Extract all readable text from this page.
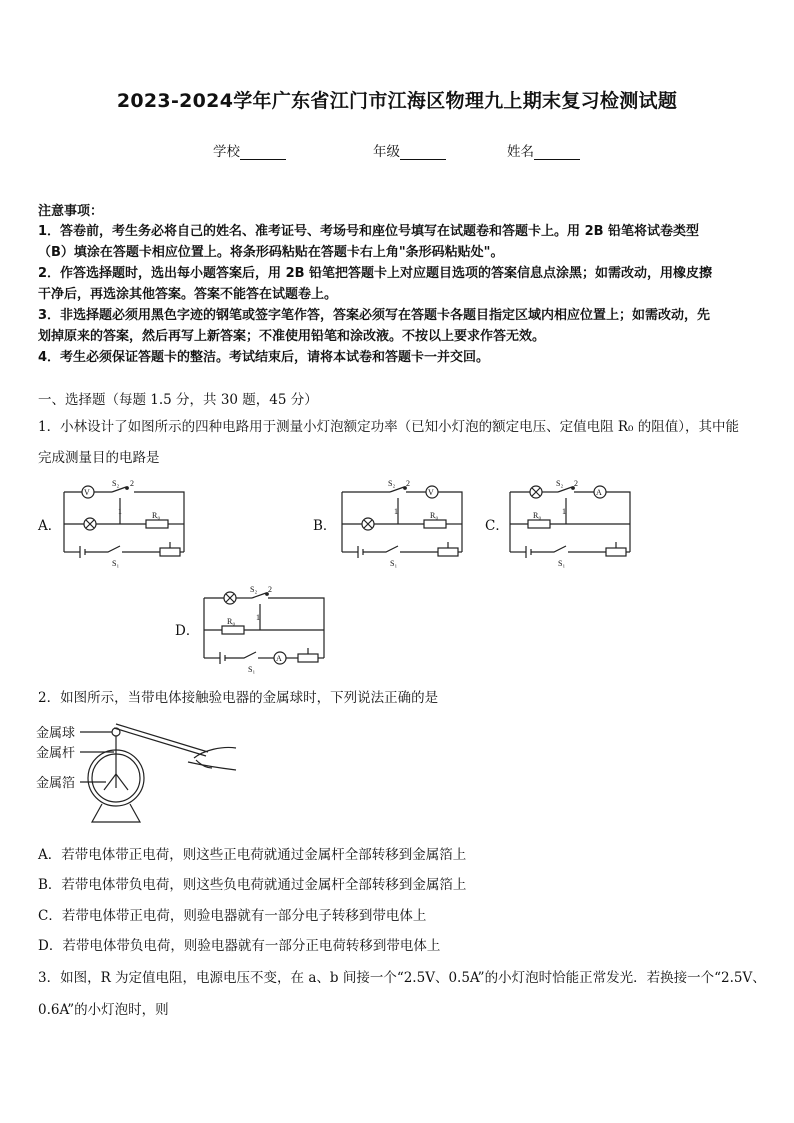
2023-2024学年广东省江门市江海区物理九上期末复习检测试题
学校	年级	姓名
注意事项：
1．答卷前，考生务必将自己的姓名、准考证号、考场号和座位号填写在试题卷和答题卡上。用 2B 铅笔将试卷类型
（B）填涂在答题卡相应位置上。将条形码粘贴在答题卡右上角"条形码粘贴处"。
2．作答选择题时，选出每小题答案后，用 2B 铅笔把答题卡上对应题目选项的答案信息点涂黑；如需改动，用橡皮擦
干净后，再选涂其他答案。答案不能答在试题卷上。
3．非选择题必须用黑色字迹的钢笔或签字笔作答，答案必须写在答题卡各题目指定区域内相应位置上；如需改动，先
划掉原来的答案，然后再写上新答案；不准使用铅笔和涂改液。不按以上要求作答无效。
4．考生必须保证答题卡的整洁。考试结束后，请将本试卷和答题卡一并交回。
一、选择题（每题 1.5 分，共 30 题，45 分）
1．小林设计了如图所示的四种电路用于测量小灯泡额定功率（已知小灯泡的额定电压、定值电阻 R₀ 的阻值），其中能
完成测量目的电路是
A．	B．	C．
D．
V
S₂ 2
1	R₀
S₁
V
S₂ 2
1	R₀
S₁
A
S₂ 2
1
R₀
S₁
A
S₂ 2
1
R₀
S₁
2．如图所示，当带电体接触验电器的金属球时，下列说法正确的是
金属球
金属杆
金属箔
A．若带电体带正电荷，则这些正电荷就通过金属杆全部转移到金属箔上
B．若带电体带负电荷，则这些负电荷就通过金属杆全部转移到金属箔上
C．若带电体带正电荷，则验电器就有一部分电子转移到带电体上
D．若带电体带负电荷，则验电器就有一部分正电荷转移到带电体上
3．如图，R 为定值电阻，电源电压不变，在 a、b 间接一个“2.5V、0.5A”的小灯泡时恰能正常发光．若换接一个“2.5V、
0.6A”的小灯泡时，则
